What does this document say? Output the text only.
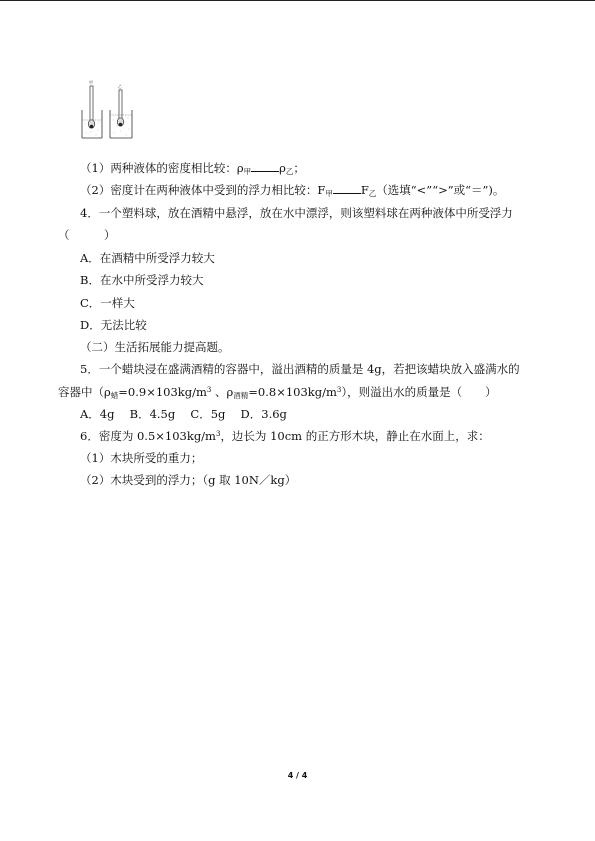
甲
乙
（1）两种液体的密度相比较：ρ甲 ρ乙；
（2）密度计在两种液体中受到的浮力相比较：F甲 F乙（选填“<”“>”或“＝”)。
4．一个塑料球，放在酒精中悬浮，放在水中漂浮，则该塑料球在两种液体中所受浮力
（　　　）
A．在酒精中所受浮力较大
B．在水中所受浮力较大
C．一样大
D．无法比较
（二）生活拓展能力提高题。
5．一个蜡块浸在盛满酒精的容器中，溢出酒精的质量是 4g，若把该蜡块放入盛满水的
容器中（ρ蜡$=0.9\times 103kg/m^3$ 、ρ酒精$=0.8\times 103kg/m^3$），则溢出水的质量是（　　）
A．4g　 B．4.5g　 C．5g　 D．3.6g
6．密度为 $0.5\times 103kg/m^3$，边长为 10cm 的正方形木块，静止在水面上，求：
（1）木块所受的重力；
（2）木块受到的浮力；（g 取 10N／kg）
4 / 4
